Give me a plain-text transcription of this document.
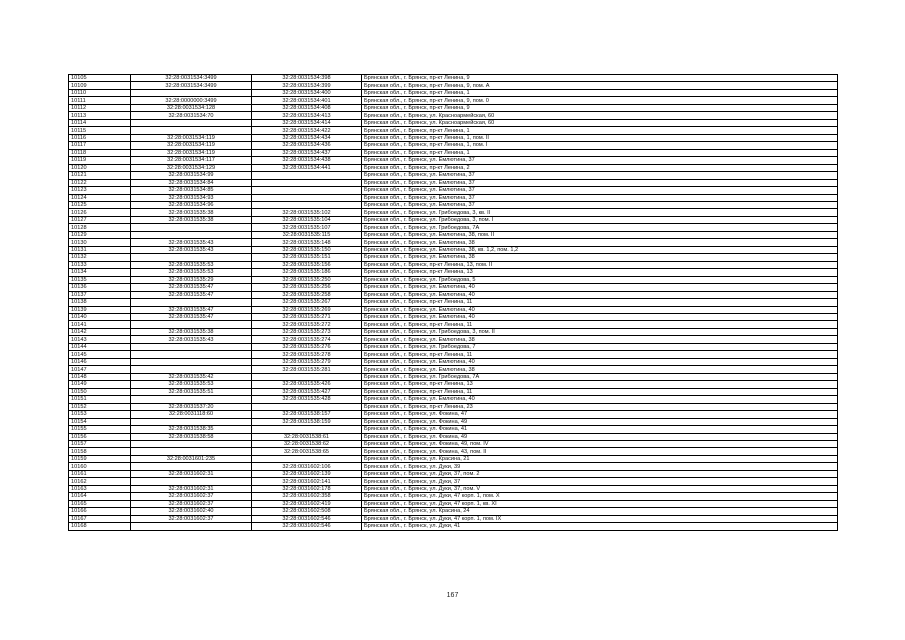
10105	32:28:0031534:3499	32:28:0031534:398	Брянская обл., г. Брянск, пр-кт Ленина, 9
10109	32:28:0031534:3499	32:28:0031534:399	Брянская обл., г. Брянск, пр-кт Ленина, 9, пом. А
10110		32:28:0031534:400	Брянская обл., г. Брянск, пр-кт Ленина, 1
10111	32:28:0000000:3499	32:28:0031534:401	Брянская обл., г. Брянск, пр-кт Ленина, 9, пом. 0
10112	32:28:0031534:128	32:28:0031534:408	Брянская обл., г. Брянск, пр-кт Ленина, 9
10113	32:28:0031534:70	32:28:0031534:413	Брянская обл., г. Брянск, ул. Красноармейская, 60
10114		32:28:0031534:414	Брянская обл., г. Брянск, ул. Красноармейская, 60
10115		32:28:0031534:422	Брянская обл., г. Брянск, пр-кт Ленина, 1
10116	32:28:0031534:119	32:28:0031534:434	Брянская обл., г. Брянск, пр-кт Ленина, 1, пом. II
10117	32:28:0031534:119	32:28:0031534:436	Брянская обл., г. Брянск, пр-кт Ленина, 1, пом. I
10118	32:28:0031534:119	32:28:0031534:437	Брянская обл., г. Брянск, пр-кт Ленина, 1
10119	32:28:0031534:117	32:28:0031534:438	Брянская обл., г. Брянск, ул. Емлютина, 37
10120	32:28:0031534:129	32:28:0031534:441	Брянская обл., г. Брянск, пр-кт Ленина, 2
10121	32:28:0031534:99		Брянская обл., г. Брянск, ул. Емлютина, 37
10122	32:28:0031534:84		Брянская обл., г. Брянск, ул. Емлютина, 37
10123	32:28:0031534:85		Брянская обл., г. Брянск, ул. Емлютина, 37
10124	32:28:0031534:93		Брянская обл., г. Брянск, ул. Емлютина, 37
10125	32:28:0031534:96		Брянская обл., г. Брянск, ул. Емлютина, 37
10126	32:28:0031535:38	32:28:0031535:102	Брянская обл., г. Брянск, ул. Грибоедова, 3, кв. II
10127	32:28:0031535:38	32:28:0031535:104	Брянская обл., г. Брянск, ул. Грибоедова, 3, пом. I
10128		32:28:0031535:107	Брянская обл., г. Брянск, ул. Грибоедова, 7А
10129		32:28:0031535:115	Брянская обл., г. Брянск, ул. Емлютина, 38, пом. II
10130	32:28:0031535:43	32:28:0031535:148	Брянская обл., г. Брянск, ул. Емлютина, 38
10131	32:28:0031535:43	32:28:0031535:150	Брянская обл., г. Брянск, ул. Емлютина, 38, кв. 1,2, пом. 1,2
10132		32:28:0031535:151	Брянская обл., г. Брянск, ул. Емлютина, 38
10133	32:28:0031535:53	32:28:0031535:156	Брянская обл., г. Брянск, пр-кт Ленина, 13, пом. II
10134	32:28:0031535:53	32:28:0031535:186	Брянская обл., г. Брянск, пр-кт Ленина, 13
10135	32:28:0031535:29	32:28:0031535:250	Брянская обл., г. Брянск, ул. Грибоедова, 5
10136	32:28:0031535:47	32:28:0031535:256	Брянская обл., г. Брянск, ул. Емлютина, 40
10137	32:28:0031535:47	32:28:0031535:258	Брянская обл., г. Брянск, ул. Емлютина, 40
10138		32:28:0031535:267	Брянская обл., г. Брянск, пр-кт Ленина, 11
10139	32:28:0031535:47	32:28:0031535:269	Брянская обл., г. Брянск, ул. Емлютина, 40
10140	32:28:0031535:47	32:28:0031535:271	Брянская обл., г. Брянск, ул. Емлютина, 40
10141		32:28:0031535:272	Брянская обл., г. Брянск, пр-кт Ленина, 11
10142	32:28:0031535:38	32:28:0031535:273	Брянская обл., г. Брянск, ул. Грибоедова, 3, пом. II
10143	32:28:0031535:43	32:28:0031535:274	Брянская обл., г. Брянск, ул. Емлютина, 38
10144		32:28:0031535:276	Брянская обл., г. Брянск, ул. Грибоедова, 7
10145		32:28:0031535:278	Брянская обл., г. Брянск, пр-кт Ленина, 11
10146		32:28:0031535:279	Брянская обл., г. Брянск, ул. Емлютина, 40
10147		32:28:0031535:281	Брянская обл., г. Брянск, ул. Емлютина, 38
10148	32:28:0031535:42		Брянская обл., г. Брянск, ул. Грибоедова, 7А
10149	32:28:0031535:53	32:28:0031535:426	Брянская обл., г. Брянск, пр-кт Ленина, 13
10150	32:28:0031535:51	32:28:0031535:427	Брянская обл., г. Брянск, пр-кт Ленина, 11
10151		32:28:0031535:428	Брянская обл., г. Брянск, ул. Емлютина, 40
10152	32:28:0031537:20		Брянская обл., г. Брянск, пр-кт Ленина, 23
10153	32:28:0031118:60	32:28:0031538:157	Брянская обл., г. Брянск, ул. Фокина, 47
10154		32:28:0031538:159	Брянская обл., г. Брянск, ул. Фокина, 49
10155	32:28:0031538:35		Брянская обл., г. Брянск, ул. Фокина, 41
10156	32:28:0031538:58	32:28:0031538:61	Брянская обл., г. Брянск, ул. Фокина, 49
10157		32:28:0031538:62	Брянская обл., г. Брянск, ул. Фокина, 49, пом. IV
10158		32:28:0031538:65	Брянская обл., г. Брянск, ул. Фокина, 43, пом. II
10159	32:28:0031601:235		Брянская обл., г. Брянск, ул. Красина, 21
10160		32:28:0031602:106	Брянская обл., г. Брянск, ул. Дуки, 39
10161	32:28:0031602:31	32:28:0031602:139	Брянская обл., г. Брянск, ул. Дуки, 37, пом. 2
10162		32:28:0031602:141	Брянская обл., г. Брянск, ул. Дуки, 37
10163	32:28:0031602:31	32:28:0031602:178	Брянская обл., г. Брянск, ул. Дуки, 37, пом. V
10164	32:28:0031602:37	32:28:0031602:358	Брянская обл., г. Брянск, ул. Дуки, 47 корп. 1, пом. X
10165	32:28:0031602:37	32:28:0031602:419	Брянская обл., г. Брянск, ул. Дуки, 47 корп. 1, кв. XI
10166	32:28:0031602:40	32:28:0031602:508	Брянская обл., г. Брянск, ул. Красина, 24
10167	32:28:0031602:37	32:28:0031602:546	Брянская обл., г. Брянск, ул. Дуки, 47 корп. 1, пом. IX
10168		32:28:0031602:546	Брянская обл., г. Брянск, ул. Дуки, 41
167
